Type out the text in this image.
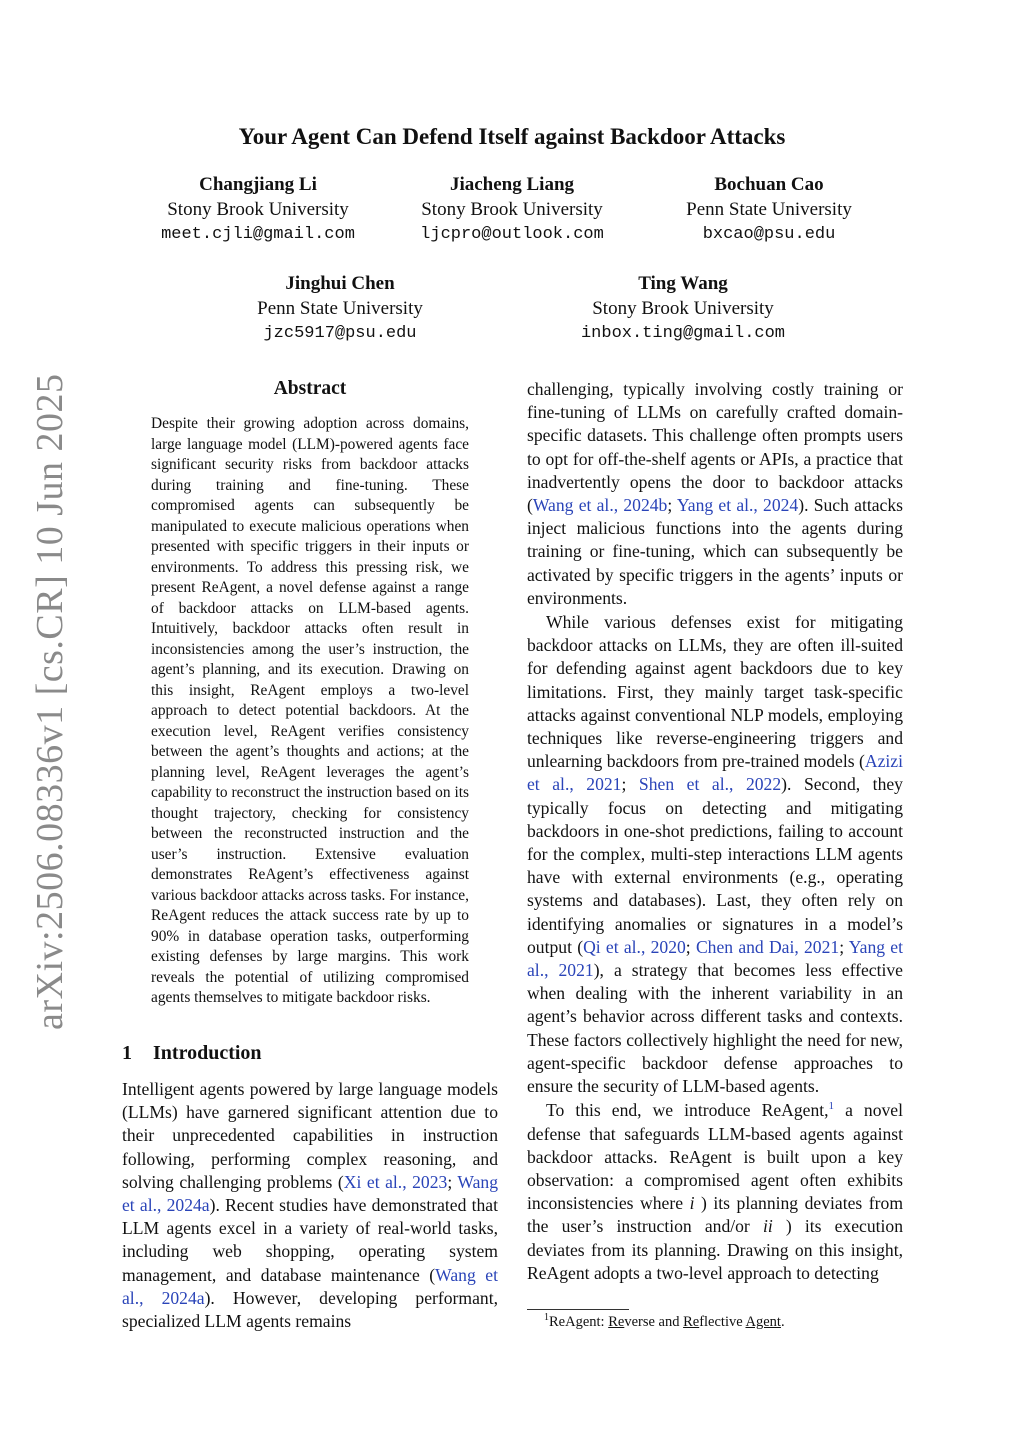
arXiv:2506.08336v1 [cs.CR] 10 Jun 2025
Your Agent Can Defend Itself against Backdoor Attacks
Changjiang Li
Stony Brook University
meet.cjli@gmail.com
Jiacheng Liang
Stony Brook University
ljcpro@outlook.com
Bochuan Cao
Penn State University
bxcao@psu.edu
Jinghui Chen
Penn State University
jzc5917@psu.edu
Ting Wang
Stony Brook University
inbox.ting@gmail.com
Abstract
Despite their growing adoption across domains, large language model (LLM)-powered agents face significant security risks from backdoor attacks during training and fine-tuning. These compromised agents can subsequently be manipulated to execute malicious operations when presented with specific triggers in their inputs or environments. To address this pressing risk, we present ReAgent, a novel defense against a range of backdoor attacks on LLM-based agents. Intuitively, backdoor attacks often result in inconsistencies among the user’s instruction, the agent’s planning, and its execution. Drawing on this insight, ReAgent employs a two-level approach to detect potential backdoors. At the execution level, ReAgent verifies consistency between the agent’s thoughts and actions; at the planning level, ReAgent leverages the agent’s capability to reconstruct the instruction based on its thought trajectory, checking for consistency between the reconstructed instruction and the user’s instruction. Extensive evaluation demonstrates ReAgent’s effectiveness against various backdoor attacks across tasks. For instance, ReAgent reduces the attack success rate by up to 90% in database operation tasks, outperforming existing defenses by large margins. This work reveals the potential of utilizing compromised agents themselves to mitigate backdoor risks.
1 Introduction

Intelligent agents powered by large language models (LLMs) have garnered significant attention due to their unprecedented capabilities in instruction following, performing complex reasoning, and solving challenging problems (Xi et al., 2023; Wang et al., 2024a). Recent studies have demonstrated that LLM agents excel in a variety of real-world tasks, including web shopping, operating system management, and database maintenance (Wang et al., 2024a). However, developing performant, specialized LLM agents remains

challenging, typically involving costly training or fine-tuning of LLMs on carefully crafted domain-specific datasets. This challenge often prompts users to opt for off-the-shelf agents or APIs, a practice that inadvertently opens the door to backdoor attacks (Wang et al., 2024b; Yang et al., 2024). Such attacks inject malicious functions into the agents during training or fine-tuning, which can subsequently be activated by specific triggers in the agents’ inputs or environments.

While various defenses exist for mitigating backdoor attacks on LLMs, they are often ill-suited for defending against agent backdoors due to key limitations. First, they mainly target task-specific attacks against conventional NLP models, employing techniques like reverse-engineering triggers and unlearning backdoors from pre-trained models (Azizi et al., 2021; Shen et al., 2022). Second, they typically focus on detecting and mitigating backdoors in one-shot predictions, failing to account for the complex, multi-step interactions LLM agents have with external environments (e.g., operating systems and databases). Last, they often rely on identifying anomalies or signatures in a model’s output (Qi et al., 2020; Chen and Dai, 2021; Yang et al., 2021), a strategy that becomes less effective when dealing with the inherent variability in an agent’s behavior across different tasks and contexts. These factors collectively highlight the need for new, agent-specific backdoor defense approaches to ensure the security of LLM-based agents.

To this end, we introduce ReAgent,$^1$ a novel defense that safeguards LLM-based agents against backdoor attacks. ReAgent is built upon a key observation: a compromised agent often exhibits inconsistencies where i ) its planning deviates from the user’s instruction and/or ii ) its execution deviates from its planning. Drawing on this insight, ReAgent adopts a two-level approach to detecting

$^1$ReAgent: Reverse and Reflective Agent.
